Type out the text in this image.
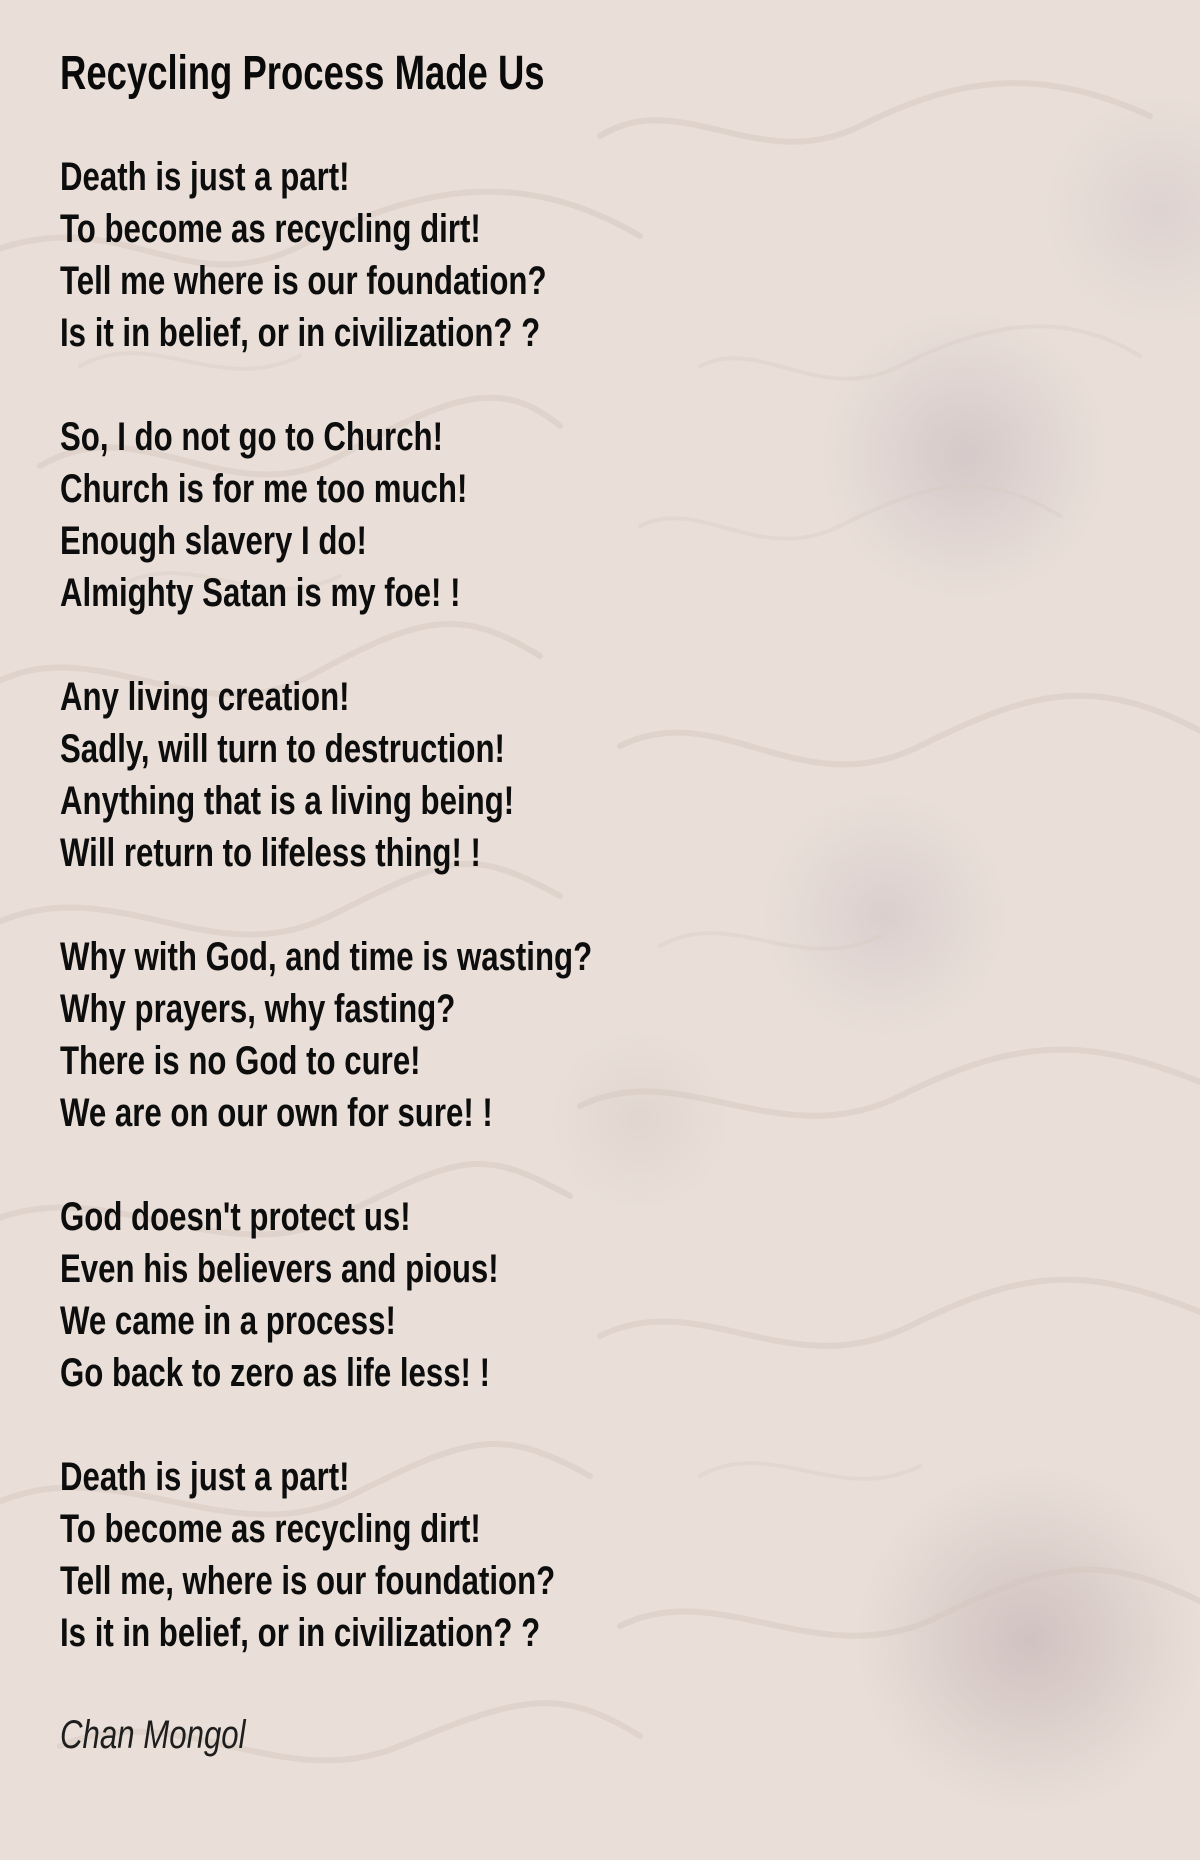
Recycling Process Made Us
Death is just a part!
To become as recycling dirt!
Tell me where is our foundation?
Is it in belief, or in civilization? ?
So, I do not go to Church!
Church is for me too much!
Enough slavery I do!
Almighty Satan is my foe! !
Any living creation!
Sadly, will turn to destruction!
Anything that is a living being!
Will return to lifeless thing! !
Why with God, and time is wasting?
Why prayers, why fasting?
There is no God to cure!
We are on our own for sure! !
God doesn't protect us!
Even his believers and pious!
We came in a process!
Go back to zero as life less! !
Death is just a part!
To become as recycling dirt!
Tell me, where is our foundation?
Is it in belief, or in civilization? ?
Chan Mongol
